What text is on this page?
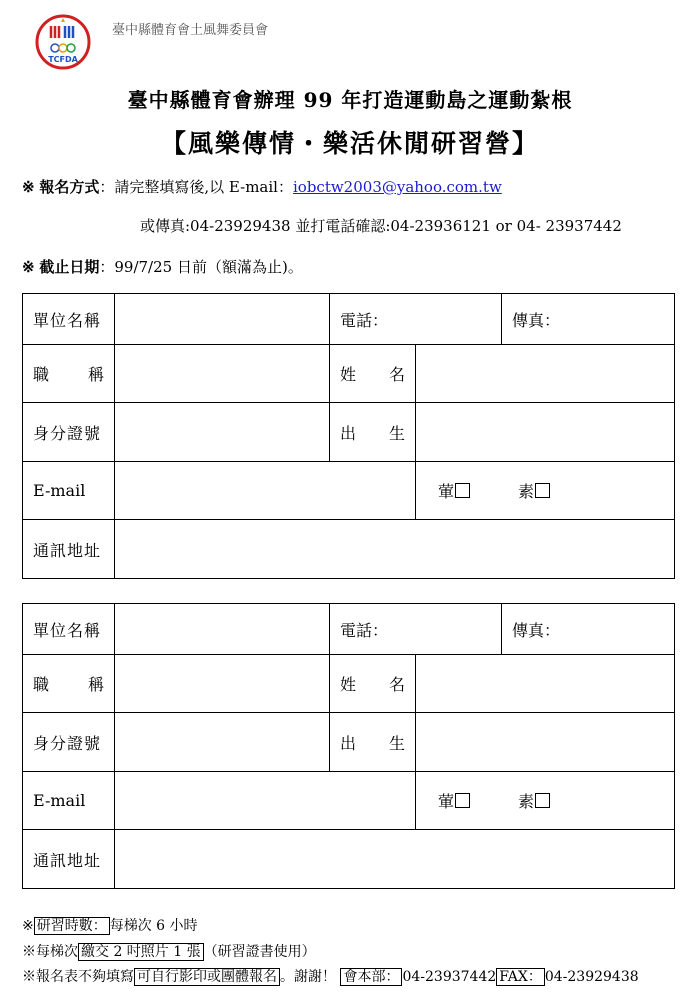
TCFDA
臺中縣體育會土風舞委員會
臺中縣體育會辦理 99 年打造運動島之運動紮根
【風樂傳情・樂活休閒研習營】
※ 報名方式：請完整填寫後,以 E-mail：iobctw2003@yahoo.com.tw
或傳真:04-23929438 並打電話確認:04-23936121 or 04- 23937442
※ 截止日期：99/7/25 日前（額滿為止)。
單位名稱		電話：		傳真：

職 稱		姓 名		

身分證號		出 生		

E-mail			葷 素	

通訊地址				
單位名稱		電話：		傳真：

職 稱		姓 名		

身分證號		出 生		

E-mail			葷 素	

通訊地址				
※ 研習時數： 每梯次 6 小時
※每梯次 繳交 2 吋照片 1 張 （研習證書使用）
※報名表不夠填寫 可自行影印或團體報名 。謝謝！ 會本部： 04-23937442 FAX： 04-23929438
